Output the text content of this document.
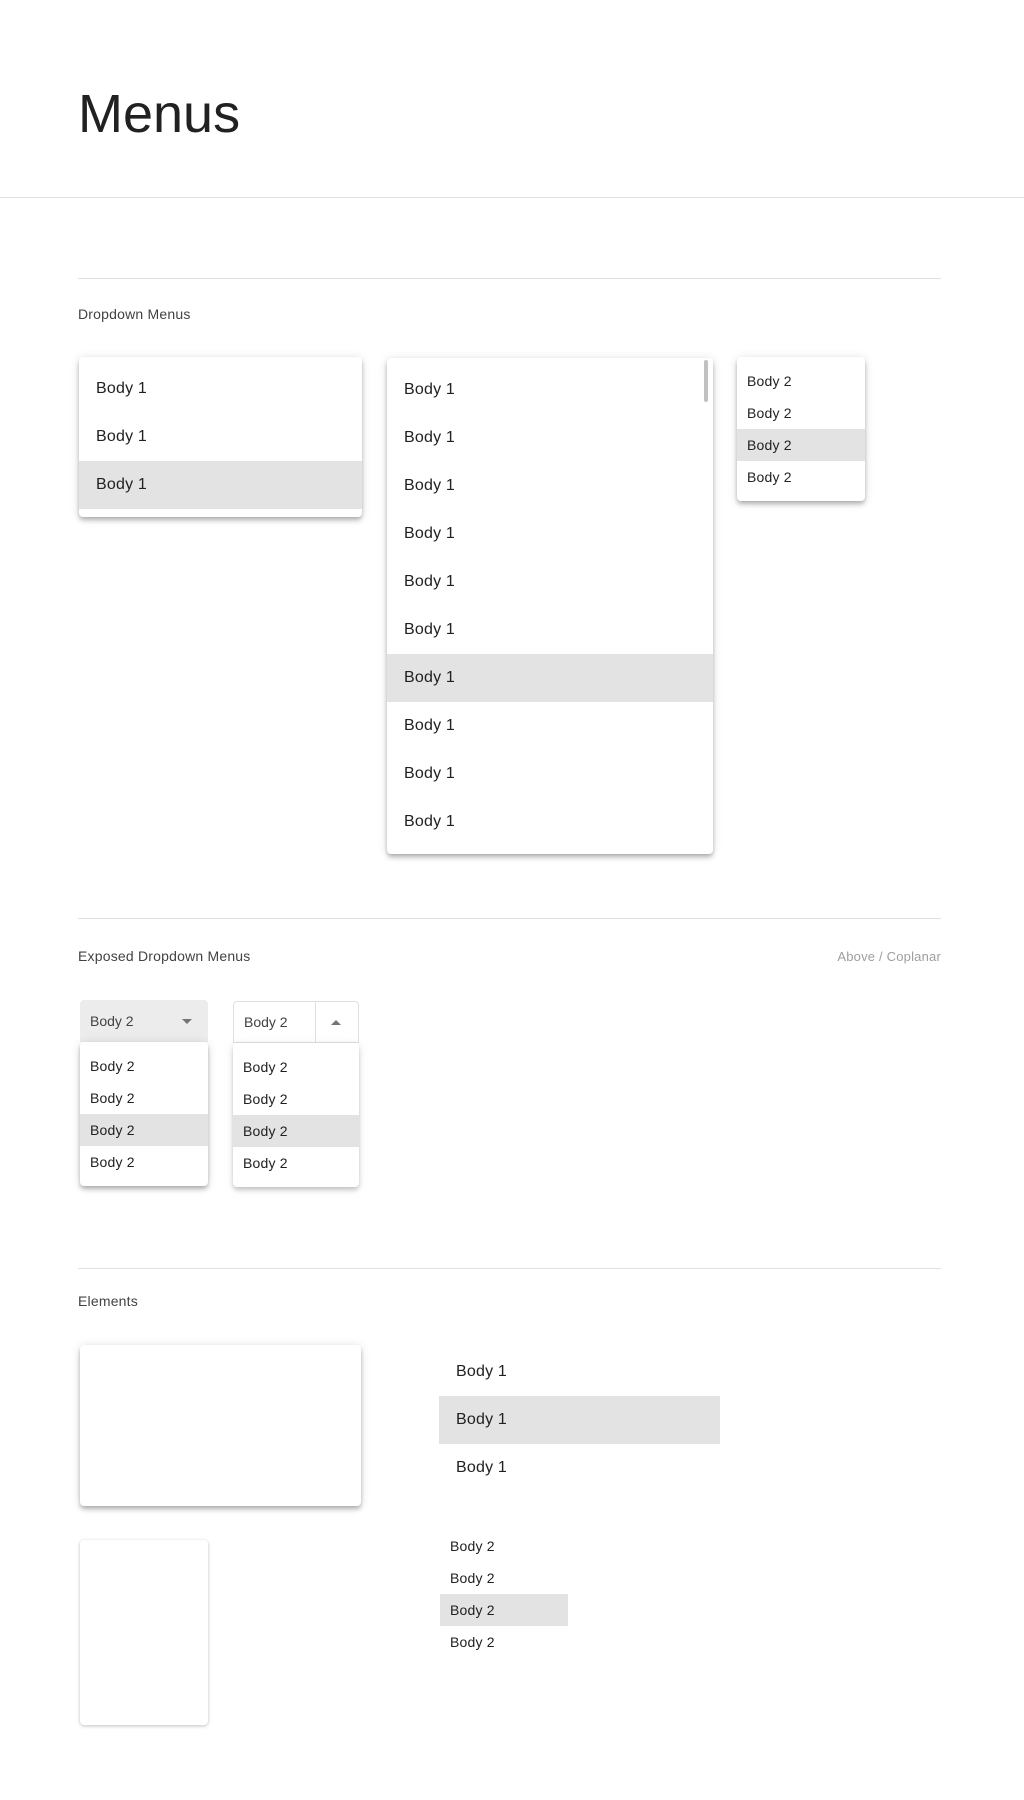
Menus
Dropdown Menus
Body 1
Body 1
Body 1
Body 1
Body 1
Body 1
Body 1
Body 1
Body 1
Body 1
Body 1
Body 1
Body 1
Body 2
Body 2
Body 2
Body 2
Exposed Dropdown Menus	Above / Coplanar
Body 2
Body 2
Body 2
Body 2
Body 2
Body 2
Body 2
Body 2
Body 2
Body 2
Elements
Body 1
Body 1
Body 1
Body 2
Body 2
Body 2
Body 2
